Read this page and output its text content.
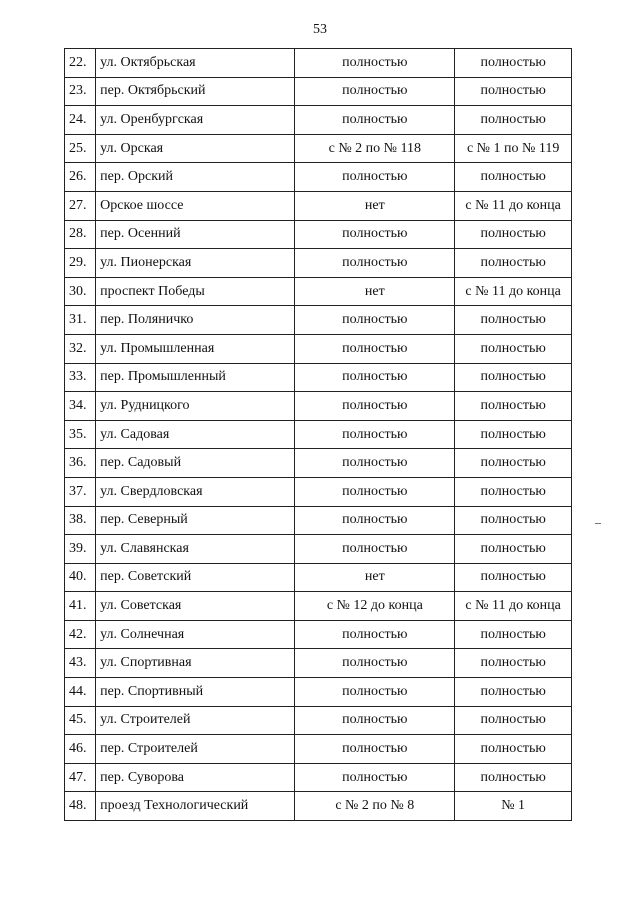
53
22.	ул. Октябрьская	полностью	полностью
23.	пер. Октябрьский	полностью	полностью
24.	ул. Оренбургская	полностью	полностью
25.	ул. Орская	с № 2 по № 118	с № 1 по № 119
26.	пер. Орский	полностью	полностью
27.	Орское шоссе	нет	с № 11 до конца
28.	пер. Осенний	полностью	полностью
29.	ул. Пионерская	полностью	полностью
30.	проспект Победы	нет	с № 11 до конца
31.	пер. Поляничко	полностью	полностью
32.	ул. Промышленная	полностью	полностью
33.	пер. Промышленный	полностью	полностью
34.	ул. Рудницкого	полностью	полностью
35.	ул. Садовая	полностью	полностью
36.	пер. Садовый	полностью	полностью
37.	ул. Свердловская	полностью	полностью
38.	пер. Северный	полностью	полностью
39.	ул. Славянская	полностью	полностью
40.	пер. Советский	нет	полностью
41.	ул. Советская	с № 12 до конца	с № 11 до конца
42.	ул. Солнечная	полностью	полностью
43.	ул. Спортивная	полностью	полностью
44.	пер. Спортивный	полностью	полностью
45.	ул. Строителей	полностью	полностью
46.	пер. Строителей	полностью	полностью
47.	пер. Суворова	полностью	полностью
48.	проезд Технологический	с № 2 по № 8	№ 1
